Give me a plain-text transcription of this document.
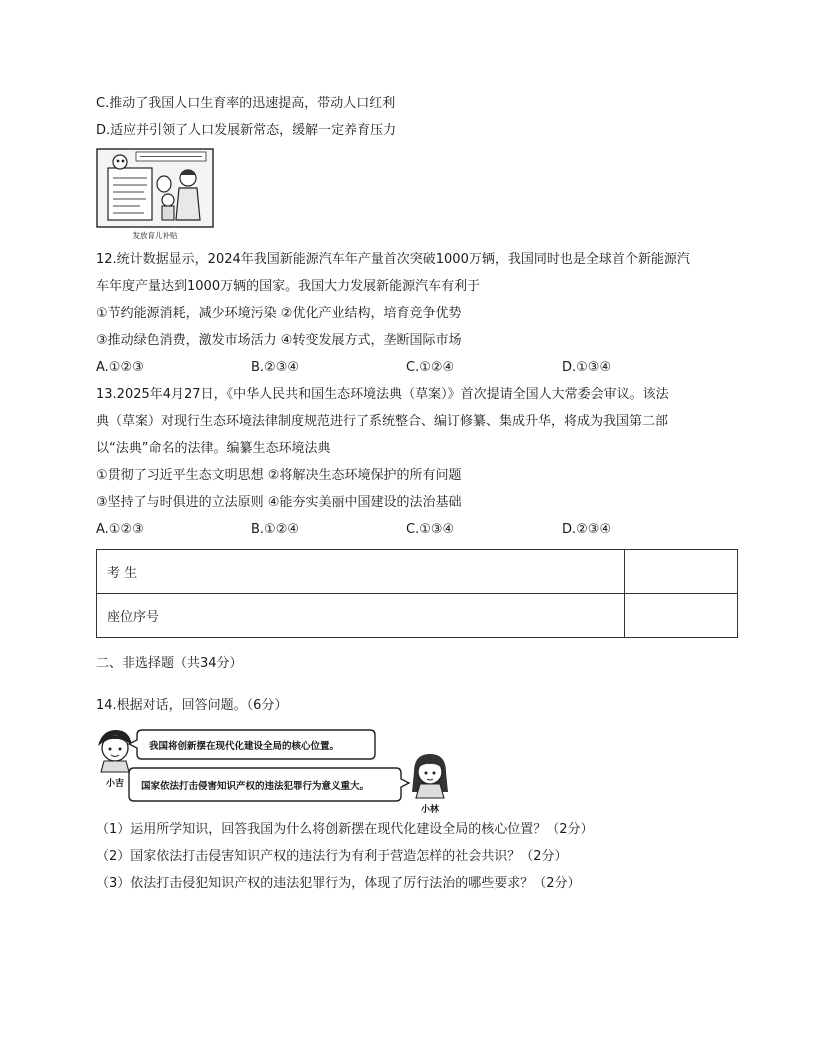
C.推动了我国人口生育率的迅速提高，带动人口红利
D.适应并引领了人口发展新常态，缓解一定养育压力
发放育儿补贴
12.统计数据显示，2024年我国新能源汽车年产量首次突破1000万辆，我国同时也是全球首个新能源汽
车年度产量达到1000万辆的国家。我国大力发展新能源汽车有利于
①节约能源消耗，减少环境污染 ②优化产业结构，培育竞争优势
③推动绿色消费，激发市场活力 ④转变发展方式，垄断国际市场
A.①②③	B.②③④	C.①②④	D.①③④
13.2025年4月27日，《中华人民共和国生态环境法典（草案）》首次提请全国人大常委会审议。该法
典（草案）对现行生态环境法律制度规范进行了系统整合、编订修纂、集成升华，将成为我国第二部
以“法典”命名的法律。编纂生态环境法典
①贯彻了习近平生态文明思想 ②将解决生态环境保护的所有问题
③坚持了与时俱进的立法原则 ④能夯实美丽中国建设的法治基础
A.①②③	B.①②④	C.①③④	D.②③④
考 生	
座位序号	
二、非选择题（共34分）
14.根据对话，回答问题。（6分）
小吉
我国将创新摆在现代化建设全局的核心位置。
国家依法打击侵害知识产权的违法犯罪行为意义重大。
小林
（1）运用所学知识，回答我国为什么将创新摆在现代化建设全局的核心位置？（2分）
（2）国家依法打击侵害知识产权的违法行为有利于营造怎样的社会共识？（2分）
（3）依法打击侵犯知识产权的违法犯罪行为，体现了厉行法治的哪些要求？（2分）
